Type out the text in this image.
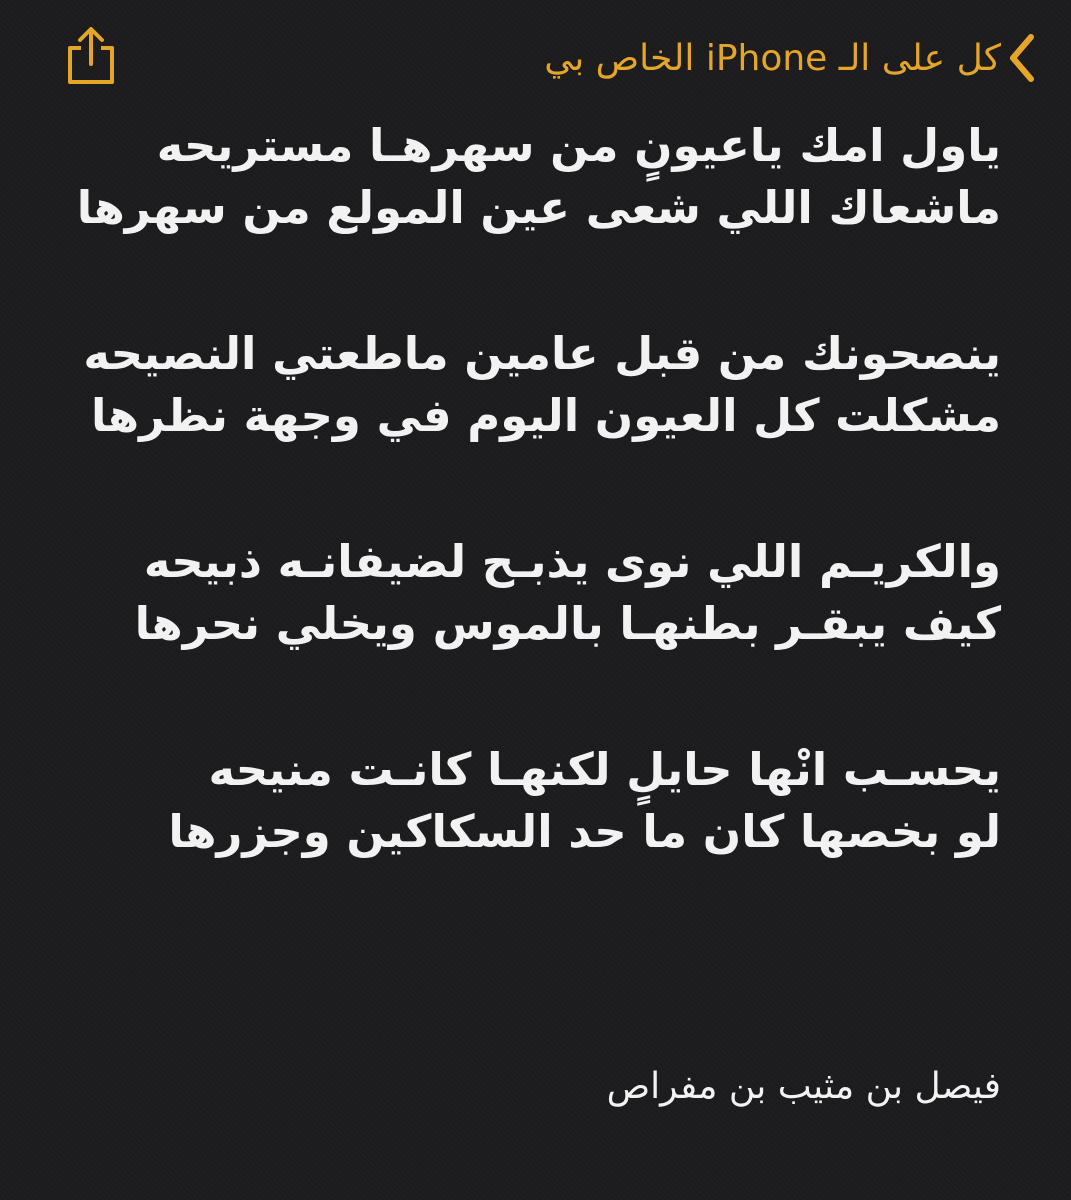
كل على الـ iPhone الخاص بي
ياول امك ياعيونٍ من سهرهـا مستريحه
ماشعاك اللي شعى عين المولع من سهرها
ينصحونك من قبل عامين ماطعتي النصيحه
مشكلت كل العيون اليوم في وجهة نظرها
والكريـم اللي نوى يذبـح لضيفانـه ذبيحه
كيف يبقـر بطنهـا بالموس ويخلي نحرها
يحسـب انْها حايلٍ لكنهـا كانـت منيحه
لو بخصها كان ما حد السكاكين وجزرها
فيصل بن مثيب بن مفراص
